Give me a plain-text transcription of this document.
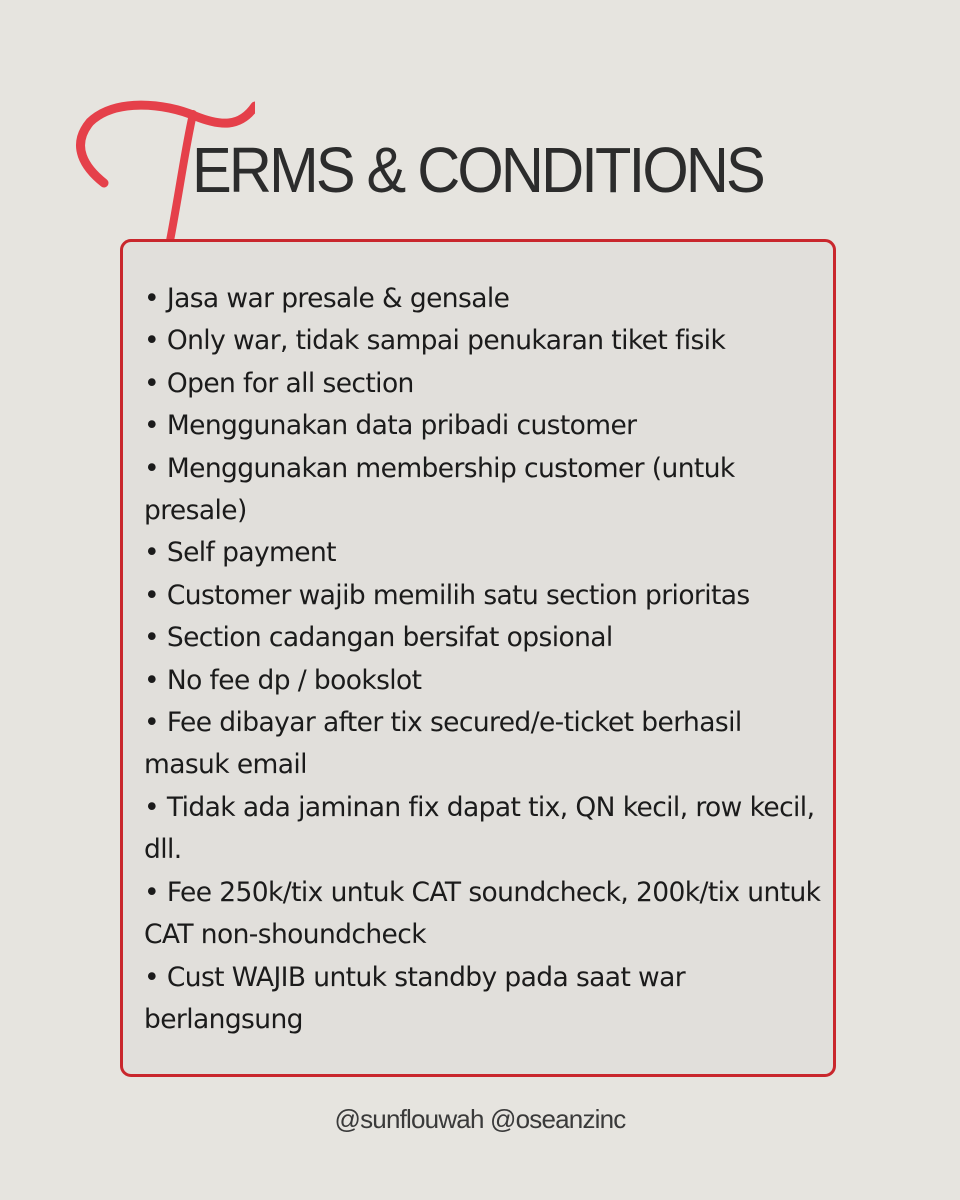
ERMS & CONDITIONS
• Jasa war presale & gensale
• Only war, tidak sampai penukaran tiket fisik
• Open for all section
• Menggunakan data pribadi customer
• Menggunakan membership customer (untuk presale)
• Self payment
• Customer wajib memilih satu section prioritas
• Section cadangan bersifat opsional
• No fee dp / bookslot
• Fee dibayar after tix secured/e-ticket berhasil masuk email
• Tidak ada jaminan fix dapat tix, QN kecil, row kecil, dll.
• Fee 250k/tix untuk CAT soundcheck, 200k/tix untuk CAT non-shoundcheck
• Cust WAJIB untuk standby pada saat war berlangsung
@sunflouwah @oseanzinc
